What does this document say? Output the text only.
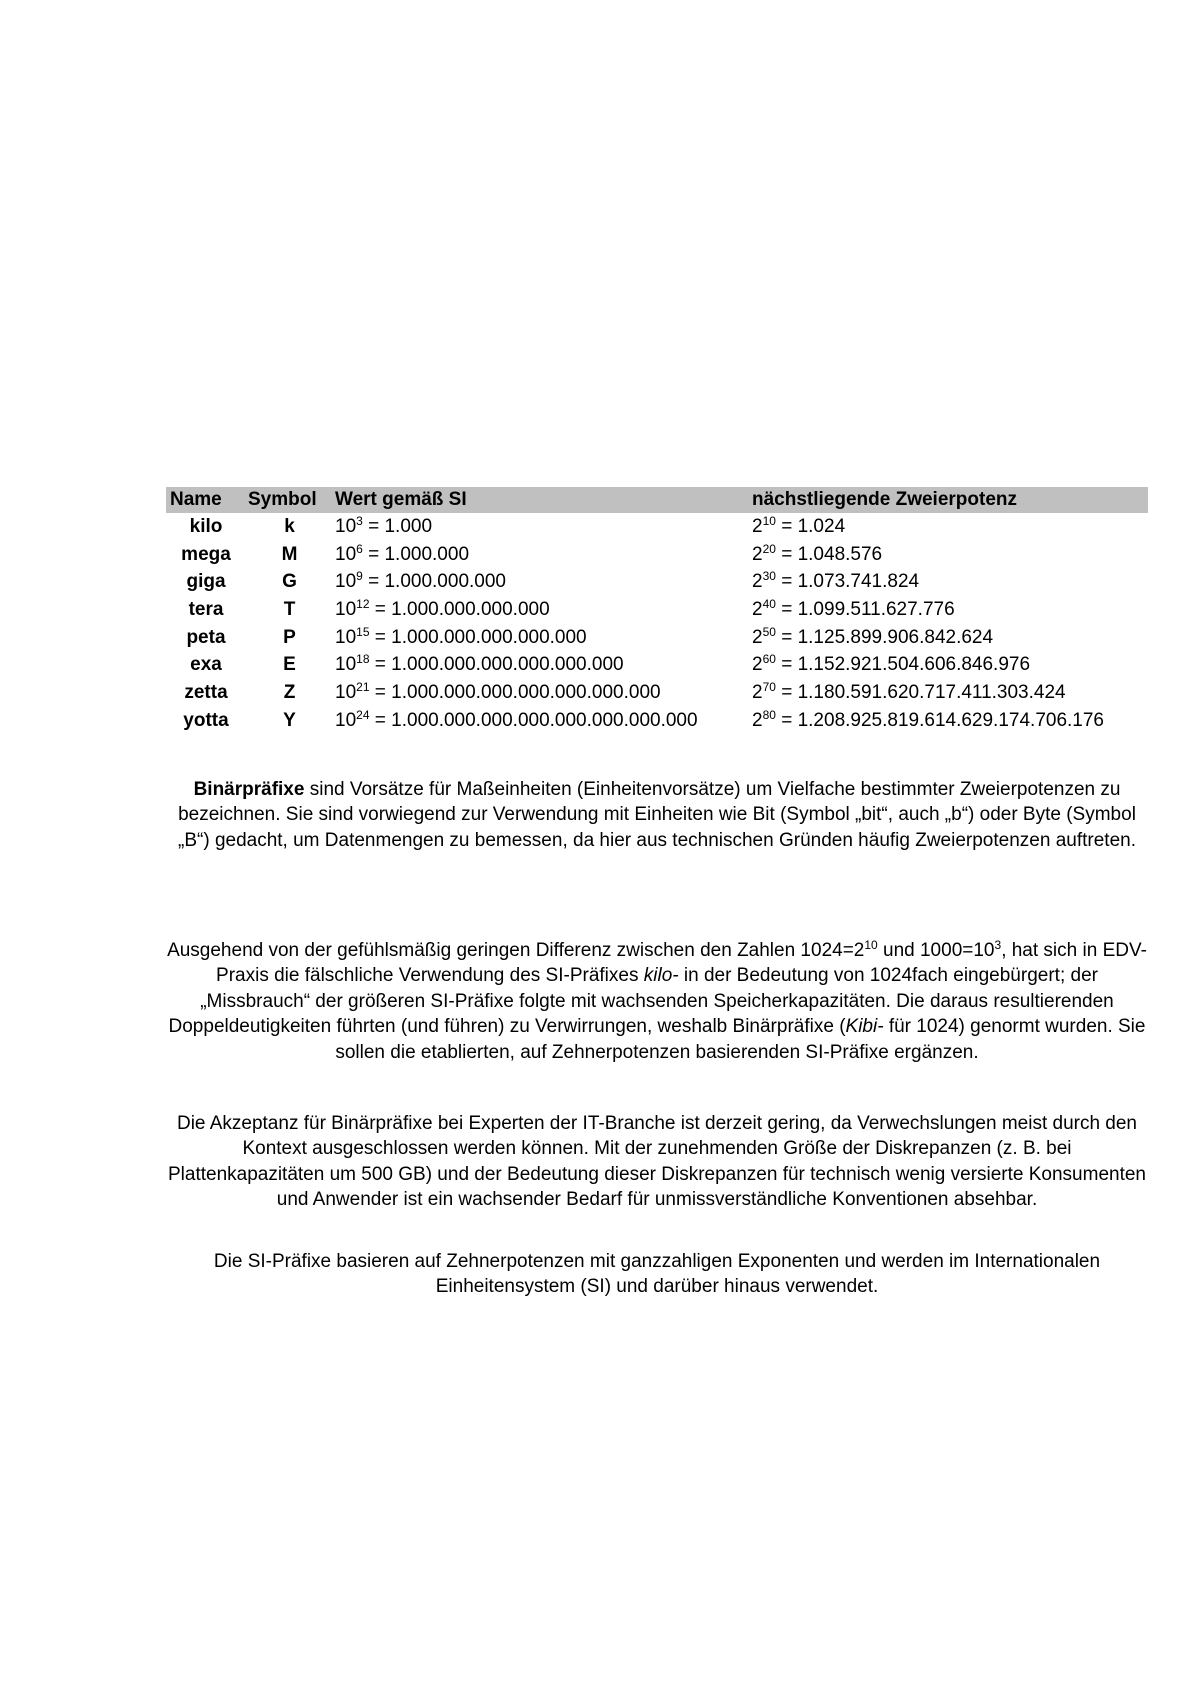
Name	Symbol	Wert gemäß SI	nächstliegende Zweierpotenz
kilo	k	$10^3 = 1.000$	$2^{10} = 1.024$
mega	M	$10^6 = 1.000.000$	$2^{20} = 1.048.576$
giga	G	$10^9 = 1.000.000.000$	$2^{30} = 1.073.741.824$
tera	T	$10^{12} = 1.000.000.000.000$	$2^{40} = 1.099.511.627.776$
peta	P	$10^{15} = 1.000.000.000.000.000$	$2^{50} = 1.125.899.906.842.624$
exa	E	$10^{18} = 1.000.000.000.000.000.000$	$2^{60} = 1.152.921.504.606.846.976$
zetta	Z	$10^{21} = 1.000.000.000.000.000.000.000$	$2^{70} = 1.180.591.620.717.411.303.424$
yotta	Y	$10^{24} = 1.000.000.000.000.000.000.000.000$	$2^{80} = 1.208.925.819.614.629.174.706.176$

Binärpräfixe sind Vorsätze für Maßeinheiten (Einheitenvorsätze) um Vielfache bestimmter Zweierpotenzen zu bezeichnen. Sie sind vorwiegend zur Verwendung mit Einheiten wie Bit (Symbol „bit“, auch „b“) oder Byte (Symbol „B“) gedacht, um Datenmengen zu bemessen, da hier aus technischen Gründen häufig Zweierpotenzen auftreten.

Ausgehend von der gefühlsmäßig geringen Differenz zwischen den Zahlen $1024=2^{10}$ und $1000=10^3$, hat sich in EDV-Praxis die fälschliche Verwendung des SI-Präfixes kilo- in der Bedeutung von 1024fach eingebürgert; der „Missbrauch“ der größeren SI-Präfixe folgte mit wachsenden Speicherkapazitäten. Die daraus resultierenden Doppeldeutigkeiten führten (und führen) zu Verwirrungen, weshalb Binärpräfixe (Kibi- für 1024) genormt wurden. Sie sollen die etablierten, auf Zehnerpotenzen basierenden SI-Präfixe ergänzen.

Die Akzeptanz für Binärpräfixe bei Experten der IT-Branche ist derzeit gering, da Verwechslungen meist durch den Kontext ausgeschlossen werden können. Mit der zunehmenden Größe der Diskrepanzen (z. B. bei Plattenkapazitäten um 500 GB) und der Bedeutung dieser Diskrepanzen für technisch wenig versierte Konsumenten und Anwender ist ein wachsender Bedarf für unmissverständliche Konventionen absehbar.

Die SI-Präfixe basieren auf Zehnerpotenzen mit ganzzahligen Exponenten und werden im Internationalen Einheitensystem (SI) und darüber hinaus verwendet.
